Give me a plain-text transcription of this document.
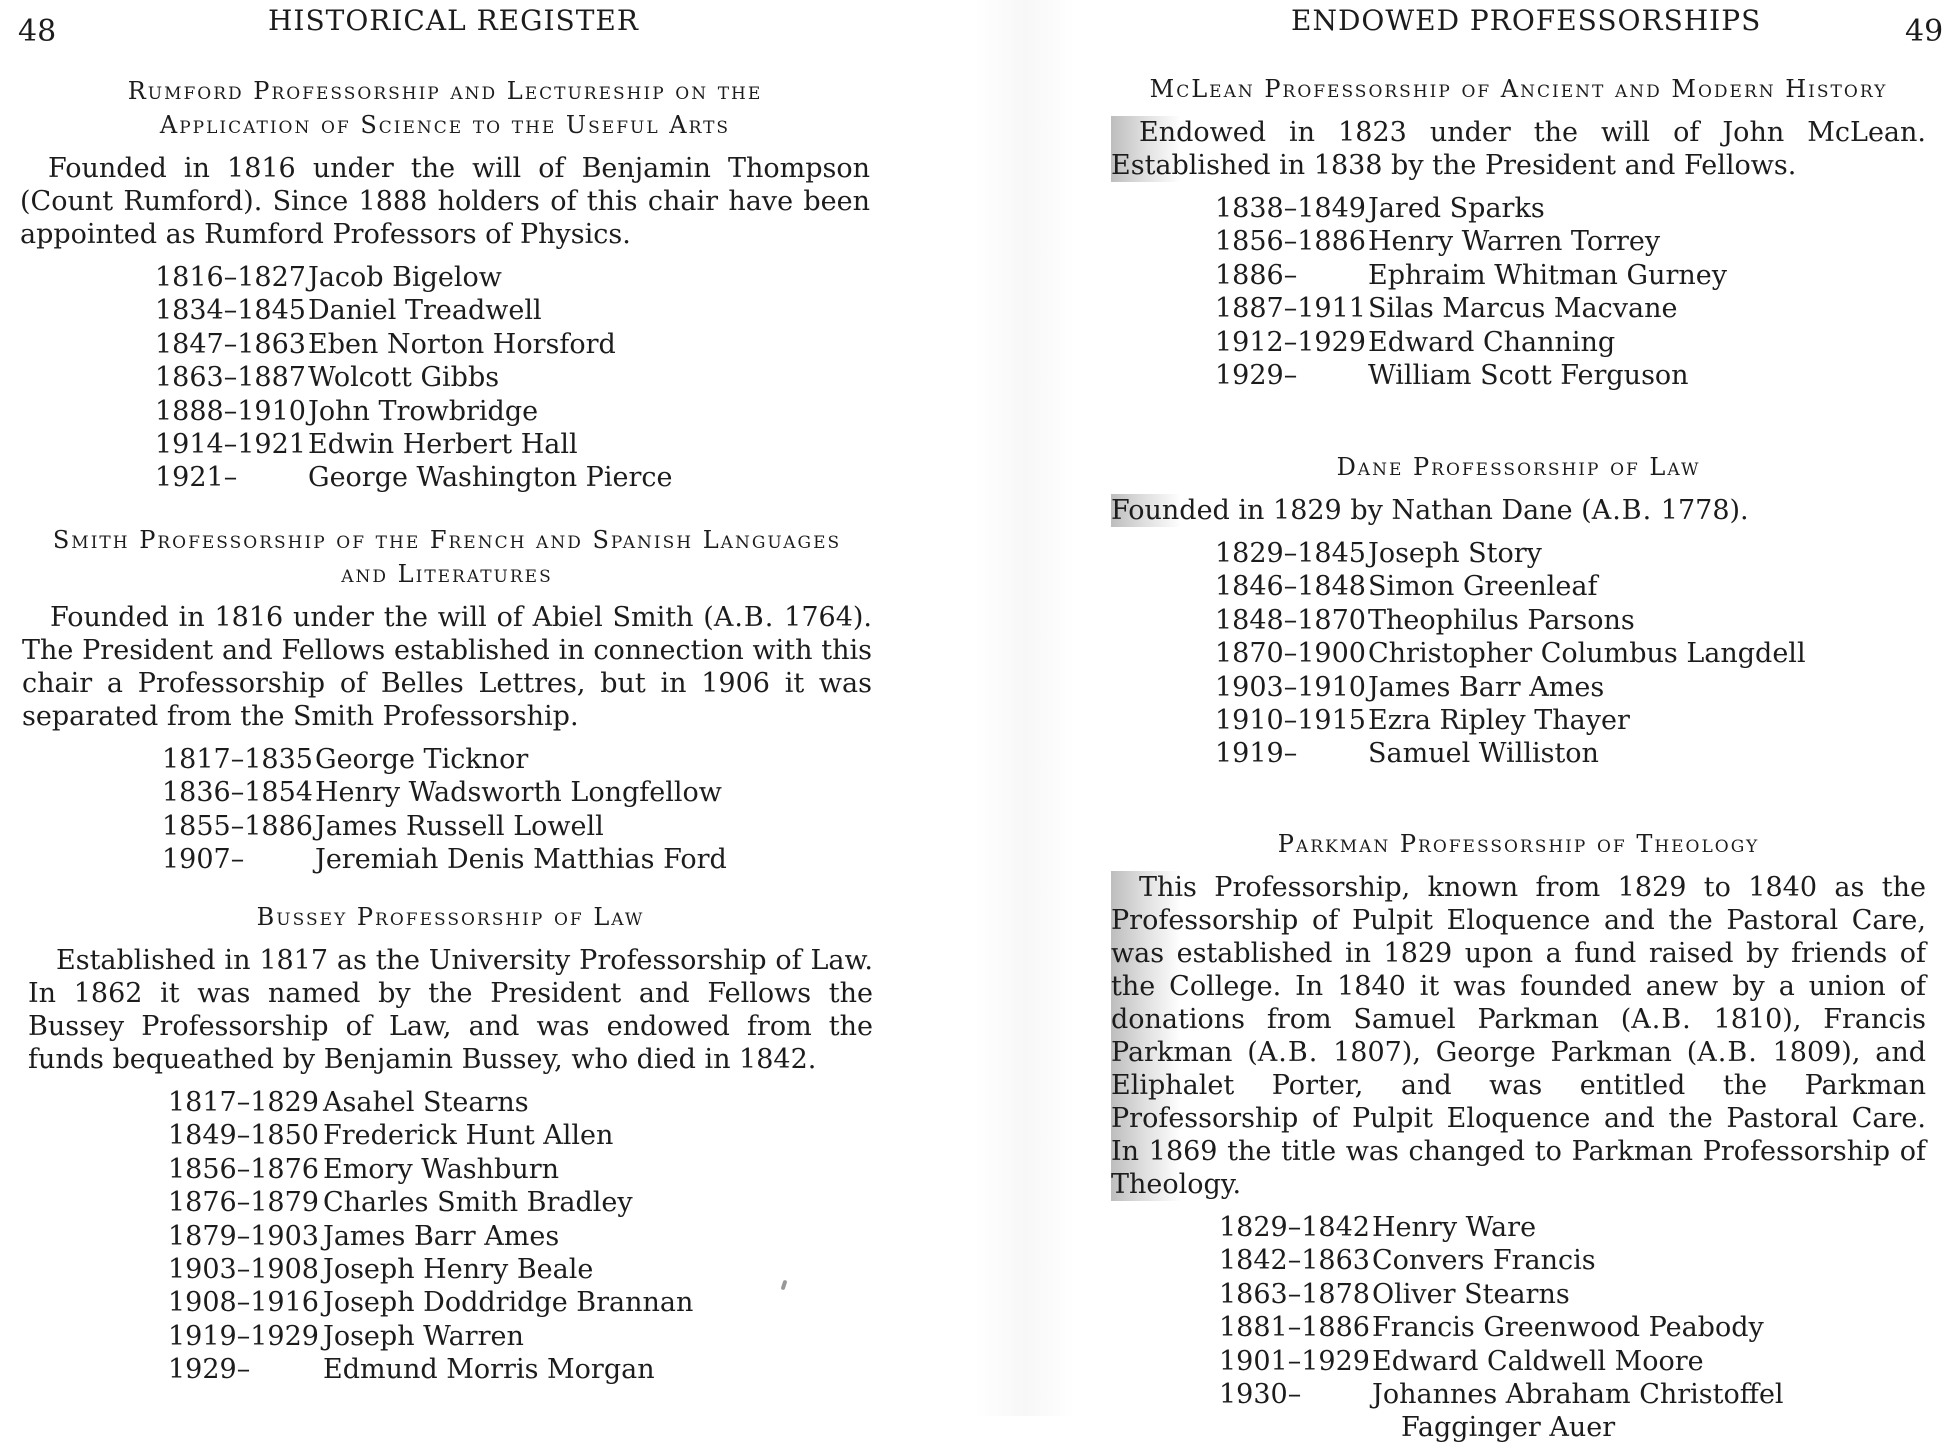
48	HISTORICAL REGISTER
Rumford Professorship and Lectureship on the
Application of Science to the Useful Arts

Founded in 1816 under the will of Benjamin Thompson (Count Rumford). Since 1888 holders of this chair have been appointed as Rumford Professors of Physics.

1816–1827 Jacob Bigelow
1834–1845 Daniel Treadwell
1847–1863 Eben Norton Horsford
1863–1887 Wolcott Gibbs
1888–1910 John Trowbridge
1914–1921 Edwin Herbert Hall
1921–	George Washington Pierce
Smith Professorship of the French and Spanish Languages
and Literatures

Founded in 1816 under the will of Abiel Smith (A.B. 1764). The President and Fellows established in connection with this chair a Professorship of Belles Lettres, but in 1906 it was separated from the Smith Professorship.

1817–1835 George Ticknor
1836–1854 Henry Wadsworth Longfellow
1855–1886 James Russell Lowell
1907–	Jeremiah Denis Matthias Ford
Bussey Professorship of Law

Established in 1817 as the University Professorship of Law. In 1862 it was named by the President and Fellows the Bussey Professorship of Law, and was endowed from the funds bequeathed by Benjamin Bussey, who died in 1842.

1817–1829 Asahel Stearns
1849–1850 Frederick Hunt Allen
1856–1876 Emory Washburn
1876–1879 Charles Smith Bradley
1879–1903 James Barr Ames
1903–1908 Joseph Henry Beale
1908–1916 Joseph Doddridge Brannan
1919–1929 Joseph Warren
1929–	Edmund Morris Morgan
ENDOWED PROFESSORSHIPS	49
McLean Professorship of Ancient and Modern History

Endowed in 1823 under the will of John McLean. Established in 1838 by the President and Fellows.

1838–1849 Jared Sparks
1856–1886 Henry Warren Torrey
1886–	Ephraim Whitman Gurney
1887–1911 Silas Marcus Macvane
1912–1929 Edward Channing
1929–	William Scott Ferguson
Dane Professorship of Law

Founded in 1829 by Nathan Dane (A.B. 1778).

1829–1845 Joseph Story
1846–1848 Simon Greenleaf
1848–1870 Theophilus Parsons
1870–1900 Christopher Columbus Langdell
1903–1910 James Barr Ames
1910–1915 Ezra Ripley Thayer
1919–	Samuel Williston
Parkman Professorship of Theology

This Professorship, known from 1829 to 1840 as the Professorship of Pulpit Eloquence and the Pastoral Care, was established in 1829 upon a fund raised by friends of the College. In 1840 it was founded anew by a union of donations from Samuel Parkman (A.B. 1810), Francis Parkman (A.B. 1807), George Parkman (A.B. 1809), and Eliphalet Porter, and was entitled the Parkman Professorship of Pulpit Eloquence and the Pastoral Care. In 1869 the title was changed to Parkman Professorship of Theology.

1829–1842 Henry Ware
1842–1863 Convers Francis
1863–1878 Oliver Stearns
1881–1886 Francis Greenwood Peabody
1901–1929 Edward Caldwell Moore
1930–	Johannes Abraham Christoffel
Fagginger Auer
